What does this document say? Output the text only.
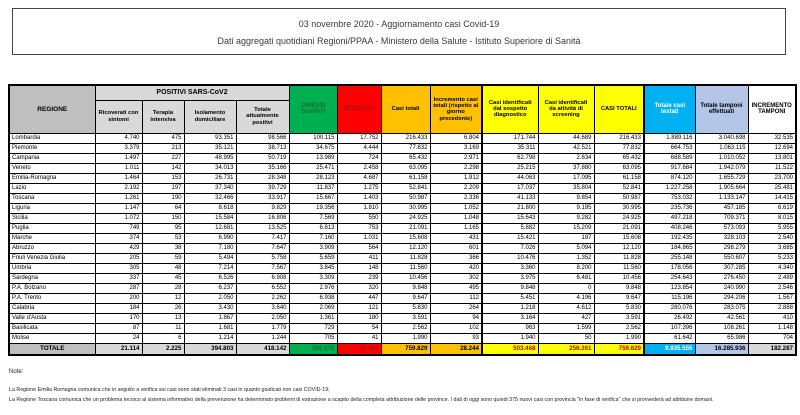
03 novembre 2020 - Aggiornamento casi Covid-19
Dati aggregati quotidiani Regioni/PPAA - Ministero della Salute - Istituto Superiore di Sanità
REGIONE	POSITIVI SARS-CoV2				DIMESSI GUARITI	DECEDUTI	Casi totali	Incremento casi totali (rispetto al giorno precedente)	Casi identificati dal sospetto diagnostico	Casi identificati da attività di screening	CASI TOTALI	Totale casi testati	Totale tamponi effettuati	INCREMENTO TAMPONI
	Ricoverati con sintomi	Terapia intensiva	Isolamento domiciliare	Totale attualmente positivi										
Lombardia	4.740	475	93.351	98.566	100.115	17.752	216.433	6.804	171.744	44.689	216.433	1.889.116	3.040.698	32.535
Piemonte	3.379	213	35.121	38.713	34.675	4.444	77.832	3.169	35.311	42.521	77.832	664.753	1.063.115	12.694
Campania	1.497	227	48.995	50.719	13.989	724	65.432	2.971	62.798	2.634	65.432	688.589	1.010.052	13.801
Veneto	1.011	142	34.013	35.166	25.471	2.458	63.095	2.298	25.215	37.880	63.095	917.684	1.942.079	11.522
Emilia-Romagna	1.464	153	26.731	28.348	28.123	4.687	61.158	1.912	44.063	17.095	61.158	874.120	1.655.729	23.700
Lazio	2.192	197	37.340	39.729	11.837	1.275	52.841	2.209	17.037	35.804	52.841	1.227.258	1.905.664	25.481
Toscana	1.261	190	32.466	33.917	15.667	1.403	50.987	2.336	41.133	9.854	50.987	753.032	1.133.147	14.415
Liguria	1.147	64	8.618	9.829	19.356	1.810	30.995	1.052	21.800	9.195	30.995	235.736	457.185	6.619
Sicilia	1.072	150	15.584	16.806	7.569	550	24.925	1.048	15.643	9.282	24.925	497.218	709.371	8.015
Puglia	749	95	12.681	13.525	6.813	753	21.091	1.165	5.882	15.209	21.091	408.246	573.093	5.955
Marche	374	53	6.990	7.417	7.160	1.031	15.608	431	15.421	187	15.608	192.435	328.103	2.540
Abruzzo	429	38	7.180	7.647	3.909	564	12.120	601	7.026	5.094	12.120	184.865	298.279	3.685
Friuli Venezia Giulia	205	59	5.494	5.758	5.659	411	11.828	366	10.476	1.352	11.828	255.148	550.607	5.233
Umbria	305	48	7.214	7.567	3.845	148	11.560	420	3.360	8.200	11.560	178.056	307.285	4.340
Sardegna	337	45	6.526	6.908	3.309	239	10.456	302	3.975	6.481	10.456	254.643	276.450	2.489
P.A. Bolzano	287	28	6.237	6.552	2.976	320	9.848	495	9.848	0	9.848	123.854	240.990	2.546
P.A. Trento	200	12	2.050	2.262	6.938	447	9.647	112	5.451	4.196	9.647	115.196	294.206	1.567
Calabria	184	26	3.430	3.640	2.069	121	5.830	264	1.218	4.612	5.830	280.076	283.075	2.888
Valle d'Aosta	170	13	1.867	2.050	1.361	180	3.591	94	3.164	427	3.591	26.492	42.561	410
Basilicata	87	11	1.681	1.779	729	54	2.562	102	963	1.599	2.562	107.396	108.261	1.148
Molise	24	6	1.214	1.244	705	41	1.990	93	1.940	50	1.990	61.642	65.986	704
TOTALE	21.114	2.225	394.803	418.142	302.275	39.412	759.829	28.244	503.468	256.361	759.829	9.935.555	16.285.936	182.287
Note:
La Regione Emilia Romagna comunica che in seguito a verifica sui casi sono stati eliminati 3 casi in quanto giudicati non casi COVID-19;
La Regione Toscana comunica che un problema tecnico al sistema informativo della prevenzione ha determinato problemi di estrazione a scapito della completa attribuzione delle province. I dati di oggi sono quindi 375 nuovi casi con provincia "in fase di verifica" che si provvederà ad attribuire domani.
